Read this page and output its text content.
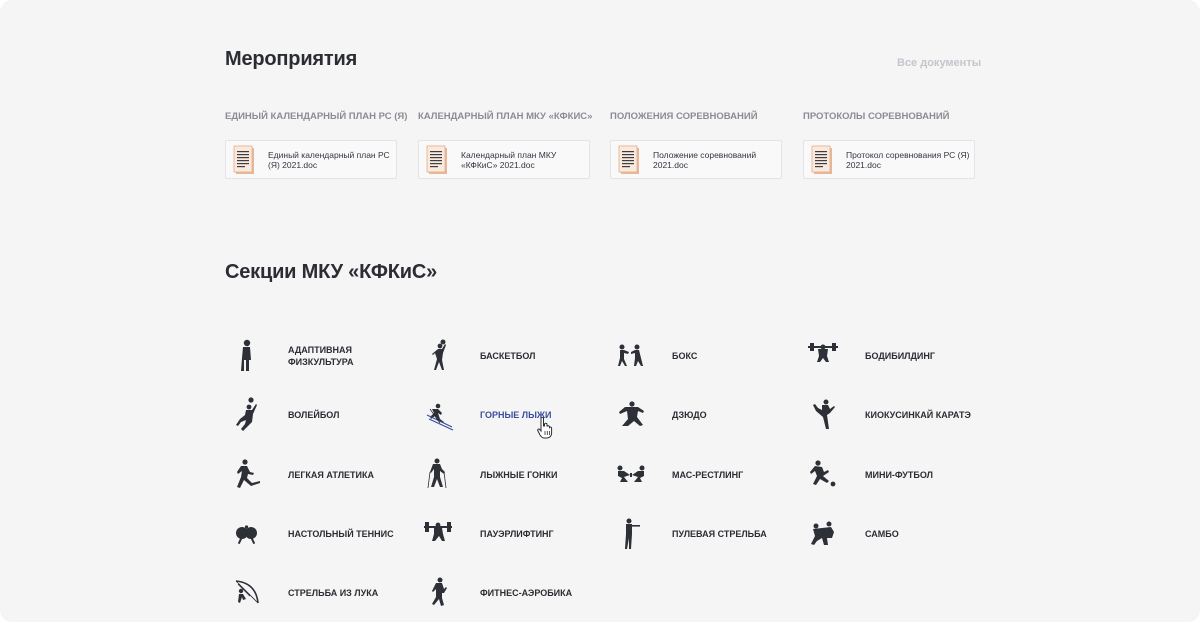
Мероприятия	Все документы
ЕДИНЫЙ КАЛЕНДАРНЫЙ ПЛАН РС (Я)
Единый календарный план РС (Я) 2021.doc
КАЛЕНДАРНЫЙ ПЛАН МКУ «КФКИС»
Календарный план МКУ «КФКиС» 2021.doc
ПОЛОЖЕНИЯ СОРЕВНОВАНИЙ
Положение соревнований 2021.doc
ПРОТОКОЛЫ СОРЕВНОВАНИЙ
Протокол соревнования РС (Я) 2021.doc
Секции МКУ «КФКиС»
АДАПТИВНАЯ ФИЗКУЛЬТУРА
БАСКЕТБОЛ	БОКС	БОДИБИЛДИНГ
ВОЛЕЙБОЛ	ГОРНЫЕ ЛЫЖИ	ДЗЮДО	КИОКУСИНКАЙ КАРАТЭ
ЛЕГКАЯ АТЛЕТИКА	ЛЫЖНЫЕ ГОНКИ	МАС-РЕСТЛИНГ	МИНИ-ФУТБОЛ
НАСТОЛЬНЫЙ ТЕННИС	ПАУЭРЛИФТИНГ	ПУЛЕВАЯ СТРЕЛЬБА	САМБО
СТРЕЛЬБА ИЗ ЛУКА	ФИТНЕС-АЭРОБИКА
